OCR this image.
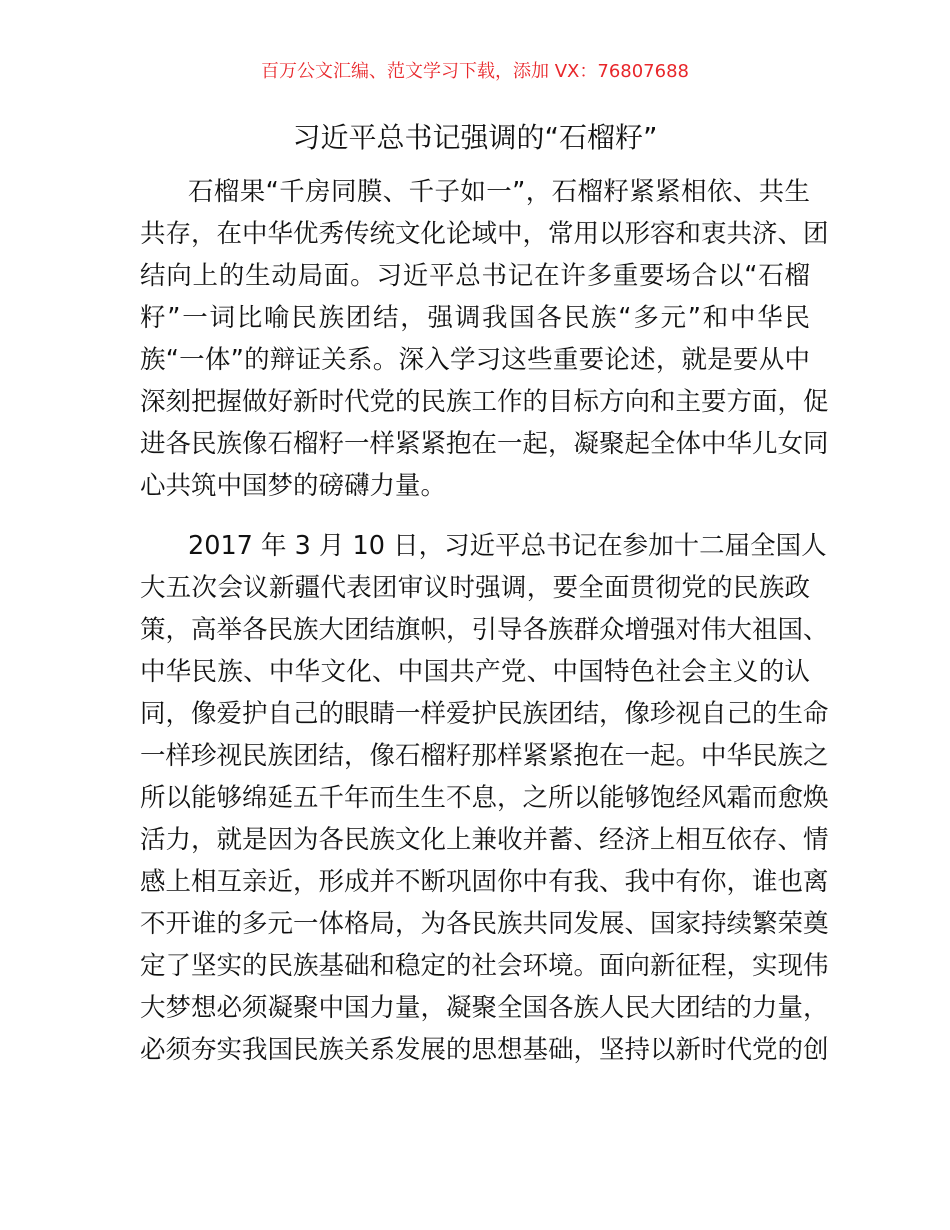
百万公文汇编、范文学习下载，添加 VX：76807688
习近平总书记强调的“石榴籽”
石榴果“千房同膜、千子如一”，石榴籽紧紧相依、共生
共存，在中华优秀传统文化论域中，常用以形容和衷共济、团
结向上的生动局面。习近平总书记在许多重要场合以“石榴
籽”一词比喻民族团结，强调我国各民族“多元”和中华民
族“一体”的辩证关系。深入学习这些重要论述，就是要从中
深刻把握做好新时代党的民族工作的目标方向和主要方面，促
进各民族像石榴籽一样紧紧抱在一起，凝聚起全体中华儿女同
心共筑中国梦的磅礴力量。
2017 年 3 月 10 日，习近平总书记在参加十二届全国人
大五次会议新疆代表团审议时强调，要全面贯彻党的民族政
策，高举各民族大团结旗帜，引导各族群众增强对伟大祖国、
中华民族、中华文化、中国共产党、中国特色社会主义的认
同，像爱护自己的眼睛一样爱护民族团结，像珍视自己的生命
一样珍视民族团结，像石榴籽那样紧紧抱在一起。中华民族之
所以能够绵延五千年而生生不息，之所以能够饱经风霜而愈焕
活力，就是因为各民族文化上兼收并蓄、经济上相互依存、情
感上相互亲近，形成并不断巩固你中有我、我中有你，谁也离
不开谁的多元一体格局，为各民族共同发展、国家持续繁荣奠
定了坚实的民族基础和稳定的社会环境。面向新征程，实现伟
大梦想必须凝聚中国力量，凝聚全国各族人民大团结的力量，
必须夯实我国民族关系发展的思想基础，坚持以新时代党的创
